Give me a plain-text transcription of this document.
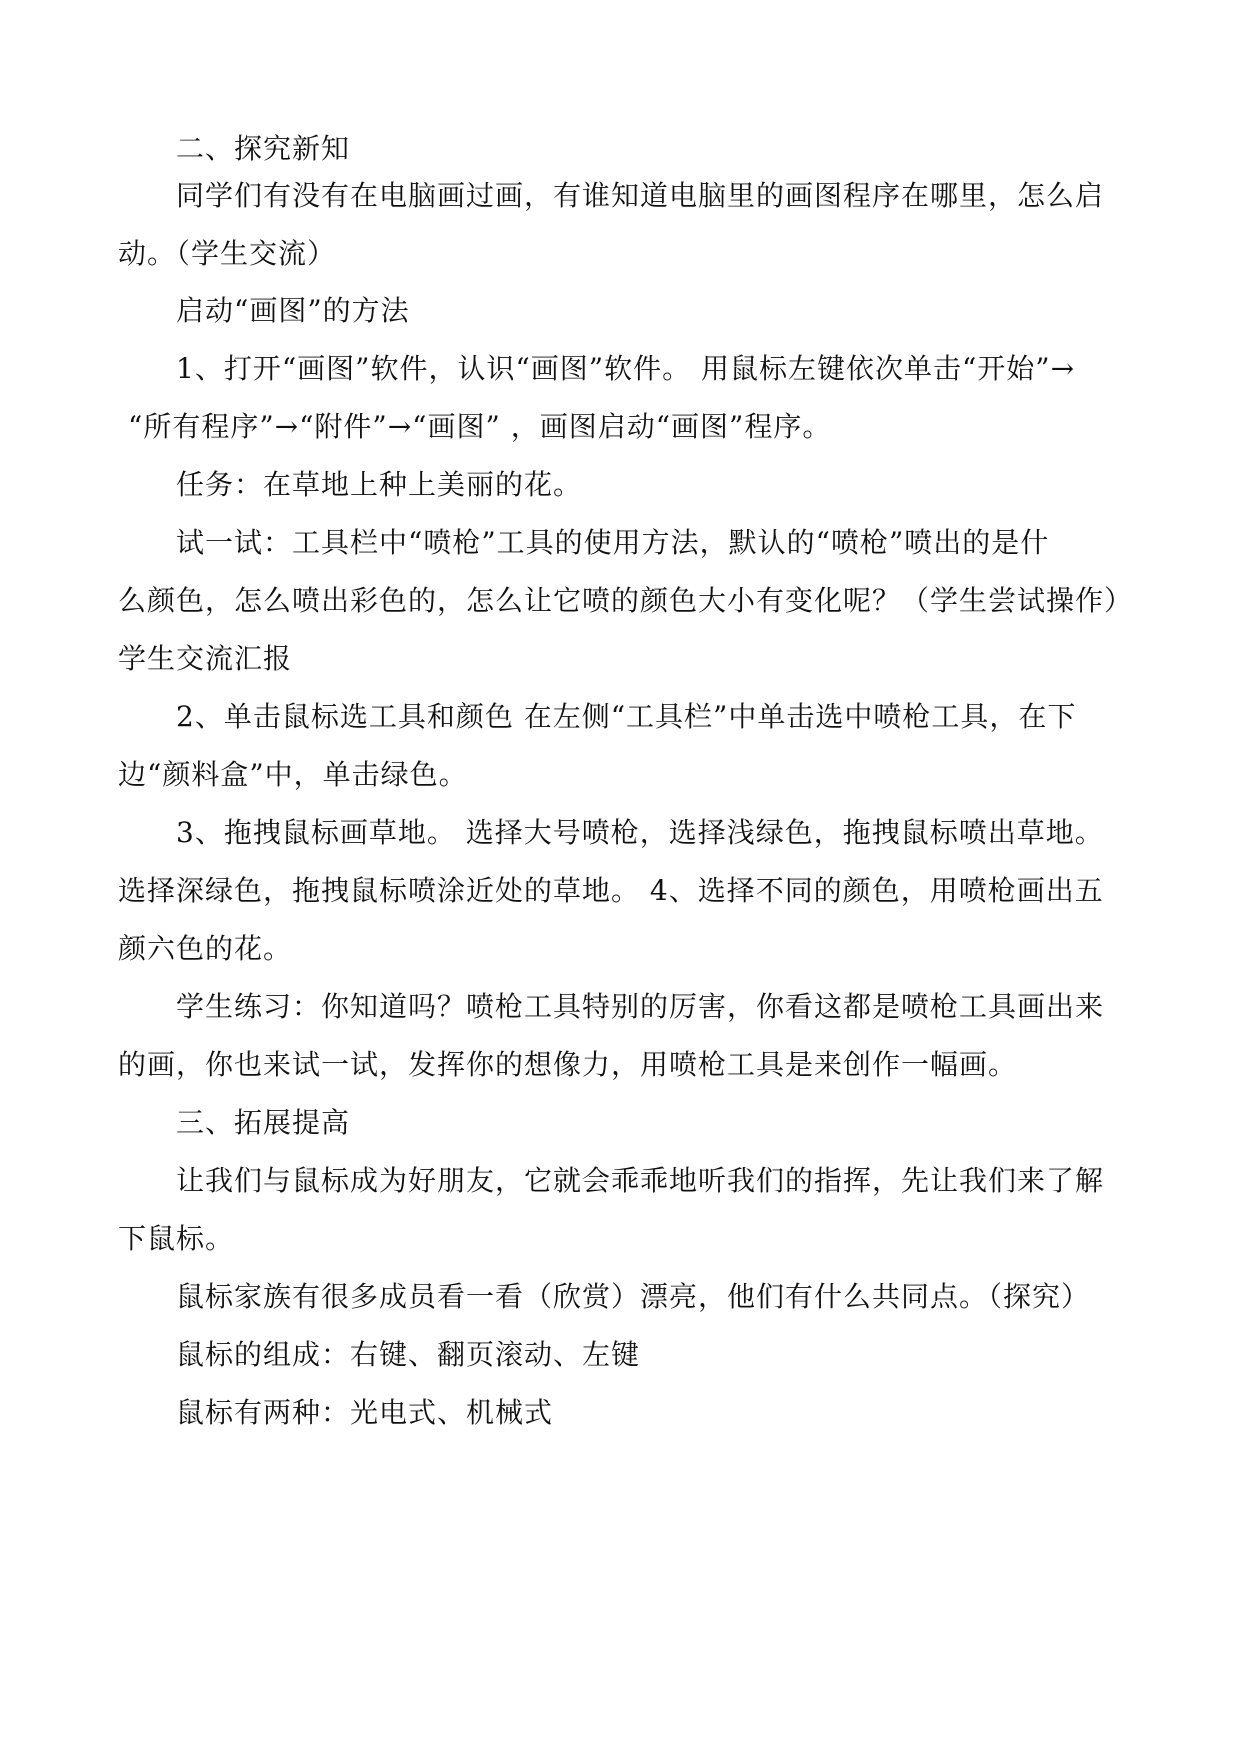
二、探究新知
同学们有没有在电脑画过画，有谁知道电脑里的画图程序在哪里，怎么启
动。（学生交流）
启动“画图”的方法
1、打开“画图”软件，认识“画图”软件。 用鼠标左键依次单击“开始”→
“所有程序”→“附件”→“画图” ，画图启动“画图”程序。
任务：在草地上种上美丽的花。
试一试：工具栏中“喷枪”工具的使用方法，默认的“喷枪”喷出的是什
么颜色，怎么喷出彩色的，怎么让它喷的颜色大小有变化呢？（学生尝试操作）
学生交流汇报
2、单击鼠标选工具和颜色 在左侧“工具栏”中单击选中喷枪工具，在下
边“颜料盒”中，单击绿色。
3、拖拽鼠标画草地。 选择大号喷枪，选择浅绿色，拖拽鼠标喷出草地。
选择深绿色，拖拽鼠标喷涂近处的草地。 4、选择不同的颜色，用喷枪画出五
颜六色的花。
学生练习：你知道吗？喷枪工具特别的厉害，你看这都是喷枪工具画出来
的画，你也来试一试，发挥你的想像力，用喷枪工具是来创作一幅画。
三、拓展提高
让我们与鼠标成为好朋友，它就会乖乖地听我们的指挥，先让我们来了解
下鼠标。
鼠标家族有很多成员看一看（欣赏）漂亮，他们有什么共同点。（探究）
鼠标的组成：右键、翻页滚动、左键
鼠标有两种：光电式、机械式
